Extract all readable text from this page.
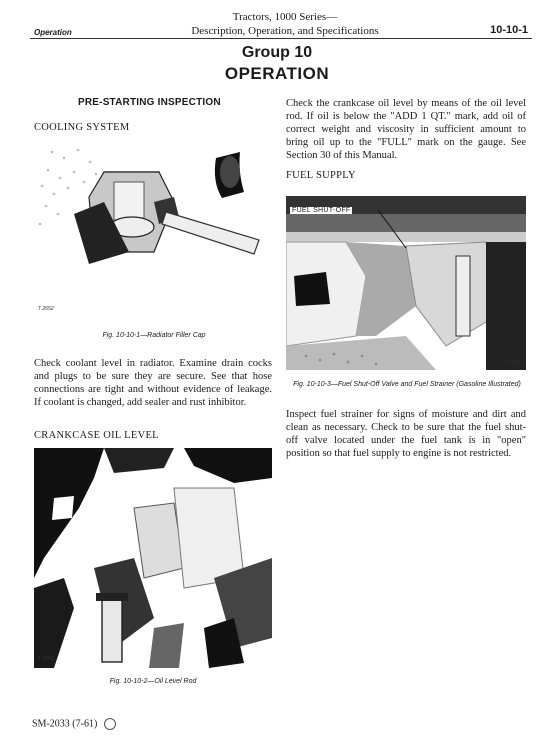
Operation
Tractors, 1000 Series—
Description, Operation, and Specifications	10-10-1
Group 10
OPERATION
PRE-STARTING INSPECTION
COOLING SYSTEM
T 2652
Fig. 10-10-1—Radiator Filler Cap
Check coolant level in radiator. Examine drain cocks and plugs to be sure they are secure. See that hose connections are tight and without evidence of leakage. If coolant is changed, add sealer and rust inhibitor.
CRANKCASE OIL LEVEL
T 2656
Fig. 10-10-2—Oil Level Rod
Check the crankcase oil level by means of the oil level rod. If oil is below the "ADD 1 QT." mark, add oil of correct weight and viscosity in sufficient amount to bring oil up to the "FULL" mark on the gauge. See Section 30 of this Manual.
FUEL SUPPLY
FUEL SHUT-OFF
T 2822
Fig. 10-10-3—Fuel Shut-Off Valve and Fuel Strainer (Gasoline Illustrated)
Inspect fuel strainer for signs of moisture and dirt and clean as necessary. Check to be sure that the fuel shut-off valve located under the fuel tank is in "open" position so that fuel supply to engine is not restricted.
SM-2033 (7-61)
